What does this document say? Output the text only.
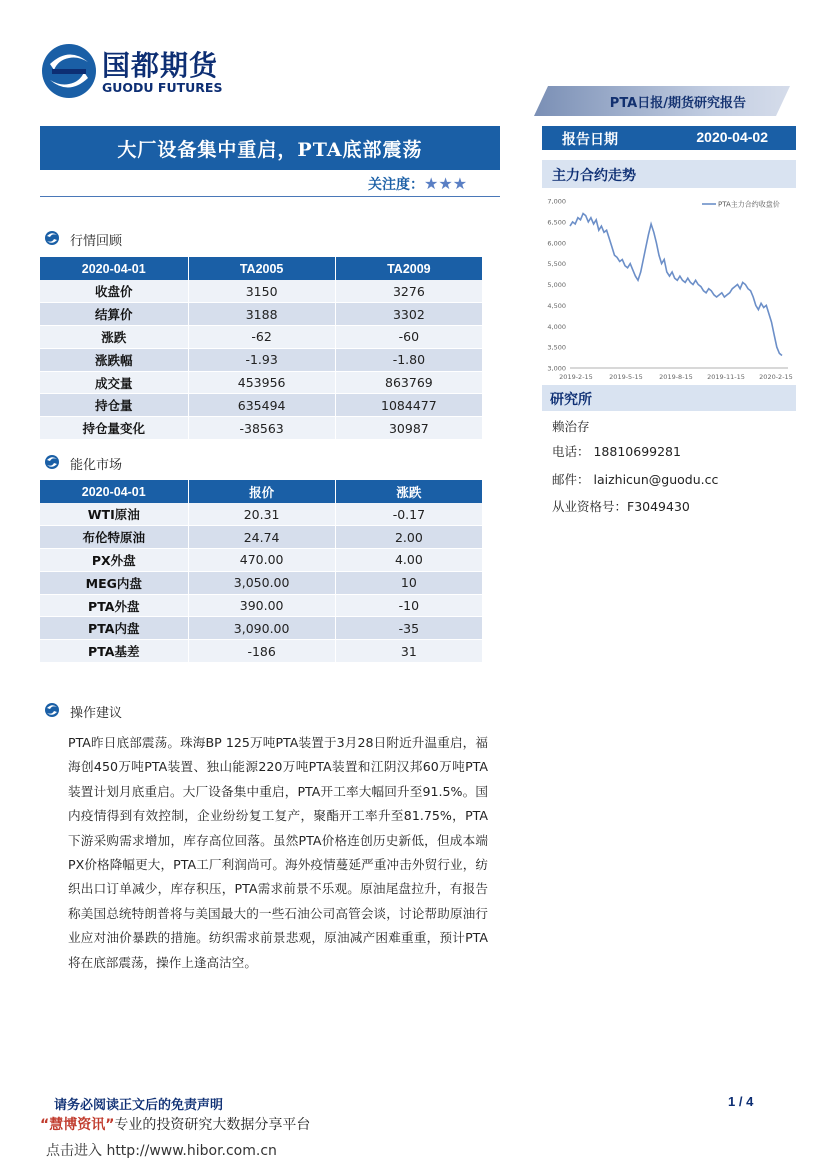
国都期货
GUODU FUTURES
PTA日报/期货研究报告
大厂设备集中重启，PTA底部震荡
关注度：★★★
报告日期	2020-04-02
主力合约走势
3,000
3,500
4,000
4,500
5,000
5,500
6,000
6,500
7,000
2019-2-15	2019-5-15	2019-8-15 2019-11-15 2020-2-15
PTA主力合约收盘价
研究所
赖治存
电话： 18810699281
邮件： laizhicun@guodu.cc
从业资格号：F3049430
行情回顾
2020-04-01	TA2005	TA2009
收盘价	3150	3276
结算价	3188	3302
涨跌	-62	-60
涨跌幅	-1.93	-1.80
成交量	453956	863769
持仓量	635494	1084477
持仓量变化	-38563	30987
能化市场
2020-04-01	报价	涨跌
WTI原油	20.31	-0.17
布伦特原油	24.74	2.00
PX外盘	470.00	4.00
MEG内盘	3,050.00	10
PTA外盘	390.00	-10
PTA内盘	3,090.00	-35
PTA基差	-186	31
操作建议

PTA昨日底部震荡。珠海BP 125万吨PTA装置于3月28日附近升温重启，福海创450万吨PTA装置、独山能源220万吨PTA装置和江阴汉邦60万吨PTA装置计划月底重启。大厂设备集中重启，PTA开工率大幅回升至91.5%。国内疫情得到有效控制，企业纷纷复工复产，聚酯开工率升至81.75%，PTA下游采购需求增加，库存高位回落。虽然PTA价格连创历史新低，但成本端PX价格降幅更大，PTA工厂利润尚可。海外疫情蔓延严重冲击外贸行业，纺织出口订单减少，库存积压，PTA需求前景不乐观。原油尾盘拉升，有报告称美国总统特朗普将与美国最大的一些石油公司高管会谈，讨论帮助原油行业应对油价暴跌的措施。纺织需求前景悲观，原油减产困难重重，预计PTA将在底部震荡，操作上逢高沽空。

请务必阅读正文后的免责声明	1 / 4
“慧博资讯”专业的投资研究大数据分享平台
点击进入 http://www.hibor.com.cn
